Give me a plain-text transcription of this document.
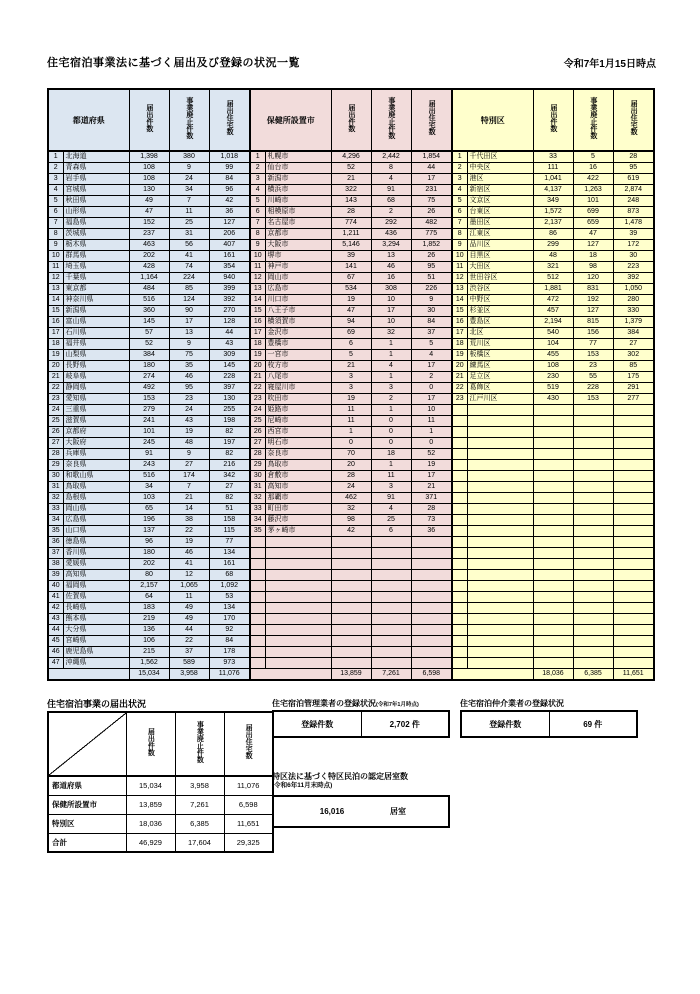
住宅宿泊事業法に基づく届出及び登録の状況一覧	令和7年1月15日時点
都道府県		届出件数	事業廃止件数	届出住宅数	保健所設置市		届出件数	事業廃止件数	届出住宅数	特別区		届出件数	事業廃止件数	届出住宅数
1	北海道	1,398	380	1,018	1	札幌市	4,296	2,442	1,854	1	千代田区	33	5	28
2	青森県	108	9	99	2	仙台市	52	8	44	2	中央区	111	16	95
3	岩手県	108	24	84	3	新潟市	21	4	17	3	港区	1,041	422	619
4	宮城県	130	34	96	4	横浜市	322	91	231	4	新宿区	4,137	1,263	2,874
5	秋田県	49	7	42	5	川崎市	143	68	75	5	文京区	349	101	248
6	山形県	47	11	36	6	相模原市	28	2	26	6	台東区	1,572	699	873
7	福島県	152	25	127	7	名古屋市	774	292	482	7	墨田区	2,137	659	1,478
8	茨城県	237	31	206	8	京都市	1,211	436	775	8	江東区	86	47	39
9	栃木県	463	56	407	9	大阪市	5,146	3,294	1,852	9	品川区	299	127	172
10	群馬県	202	41	161	10	堺市	39	13	26	10	目黒区	48	18	30
11	埼玉県	428	74	354	11	神戸市	141	46	95	11	大田区	321	98	223
12	千葉県	1,164	224	940	12	岡山市	67	16	51	12	世田谷区	512	120	392
13	東京都	484	85	399	13	広島市	534	308	226	13	渋谷区	1,881	831	1,050
14	神奈川県	516	124	392	14	川口市	19	10	9	14	中野区	472	192	280
15	新潟県	360	90	270	15	八王子市	47	17	30	15	杉並区	457	127	330
16	富山県	145	17	128	16	横須賀市	94	10	84	16	豊島区	2,194	815	1,379
17	石川県	57	13	44	17	金沢市	69	32	37	17	北区	540	156	384
18	福井県	52	9	43	18	豊橋市	6	1	5	18	荒川区	104	77	27
19	山梨県	384	75	309	19	一宮市	5	1	4	19	板橋区	455	153	302
20	長野県	180	35	145	20	枚方市	21	4	17	20	練馬区	108	23	85
21	岐阜県	274	46	228	21	八尾市	3	1	2	21	足立区	230	55	175
22	静岡県	492	95	397	22	寝屋川市	3	3	0	22	葛飾区	519	228	291
23	愛知県	153	23	130	23	吹田市	19	2	17	23	江戸川区	430	153	277
24	三重県	279	24	255	24	姫路市	11	1	10					
25	滋賀県	241	43	198	25	尼崎市	11	0	11					
26	京都府	101	19	82	26	西宮市	1	0	1					
27	大阪府	245	48	197	27	明石市	0	0	0					
28	兵庫県	91	9	82	28	奈良市	70	18	52					
29	奈良県	243	27	216	29	鳥取市	20	1	19					
30	和歌山県	516	174	342	30	倉敷市	28	11	17					
31	鳥取県	34	7	27	31	高知市	24	3	21					
32	島根県	103	21	82	32	那覇市	462	91	371					
33	岡山県	65	14	51	33	町田市	32	4	28					
34	広島県	196	38	158	34	藤沢市	98	25	73					
35	山口県	137	22	115	35	茅ヶ崎市	42	6	36					
36	徳島県	96	19	77										
37	香川県	180	46	134										
38	愛媛県	202	41	161										
39	高知県	80	12	68										
40	福岡県	2,157	1,065	1,092										
41	佐賀県	64	11	53										
42	長崎県	183	49	134										
43	熊本県	219	49	170										
44	大分県	136	44	92										
45	宮崎県	106	22	84										
46	鹿児島県	215	37	178										
47	沖縄県	1,562	589	973										
		15,034	3,958	11,076			13,859	7,261	6,598			18,036	6,385	11,651
住宅宿泊事業の届出状況
	届出件数	事業廃止件数	届出住宅数
都道府県	15,034	3,958	11,076
保健所設置市	13,859	7,261	6,598
特別区	18,036	6,385	11,651
合計	46,929	17,604	29,325
住宅宿泊管理業者の登録状況(令和7年1月時点)
登録件数	2,702 件
住宅宿泊仲介業者の登録状況
登録件数	69 件
特区法に基づく特区民泊の認定居室数
(令和6年11月末時点)
16,016	居室
